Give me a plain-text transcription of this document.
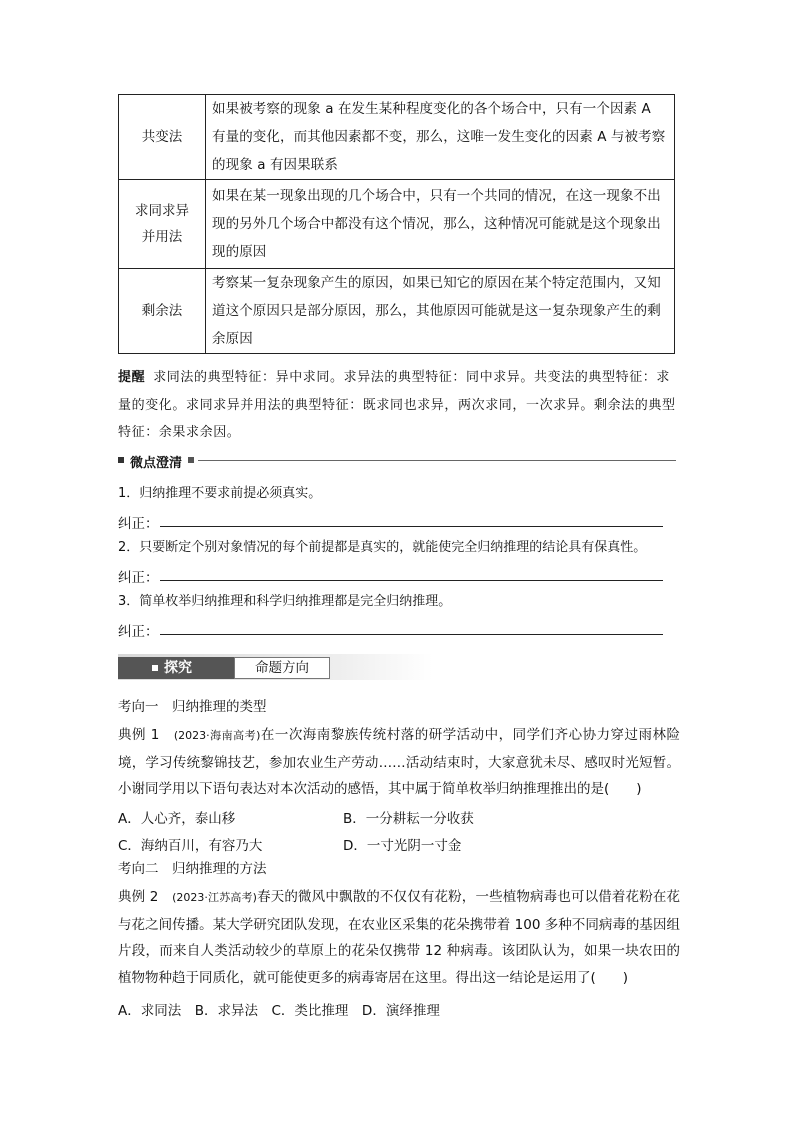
共变法	如果被考察的现象 a 在发生某种程度变化的各个场合中，只有一个因素 A 有量的变化，而其他因素都不变，那么，这唯一发生变化的因素 A 与被考察的现象 a 有因果联系

求同求异
并用法	如果在某一现象出现的几个场合中，只有一个共同的情况，在这一现象不出现的另外几个场合中都没有这个情况，那么，这种情况可能就是这个现象出现的原因
剩余法	考察某一复杂现象产生的原因，如果已知它的原因在某个特定范围内，又知道这个原因只是部分原因，那么，其他原因可能就是这一复杂现象产生的剩余原因
提醒 求同法的典型特征：异中求同。求异法的典型特征：同中求异。共变法的典型特征：求量的变化。求同求异并用法的典型特征：既求同也求异，两次求同，一次求异。剩余法的典型特征：余果求余因。
微点澄清
1．归纳推理不要求前提必须真实。
纠正：
2．只要断定个别对象情况的每个前提都是真实的，就能使完全归纳推理的结论具有保真性。
纠正：
3．简单枚举归纳推理和科学归纳推理都是完全归纳推理。
纠正：
探究	命题方向
考向一　归纳推理的类型
典例 1　 (2023·海南高考)在一次海南黎族传统村落的研学活动中，同学们齐心协力穿过雨林险境，学习传统黎锦技艺，参加农业生产劳动……活动结束时，大家意犹未尽、感叹时光短暂。小谢同学用以下语句表达对本次活动的感悟，其中属于简单枚举归纳推理推出的是(　　)
A．人心齐，泰山移	B．一分耕耘一分收获
C．海纳百川，有容乃大	D．一寸光阴一寸金
考向二　归纳推理的方法
典例 2　 (2023·江苏高考)春天的微风中飘散的不仅仅有花粉，一些植物病毒也可以借着花粉在花与花之间传播。某大学研究团队发现，在农业区采集的花朵携带着 100 多种不同病毒的基因组片段，而来自人类活动较少的草原上的花朵仅携带 12 种病毒。该团队认为，如果一块农田的植物物种趋于同质化，就可能使更多的病毒寄居在这里。得出这一结论是运用了(　　)
A．求同法　B．求异法　C．类比推理　D．演绎推理
